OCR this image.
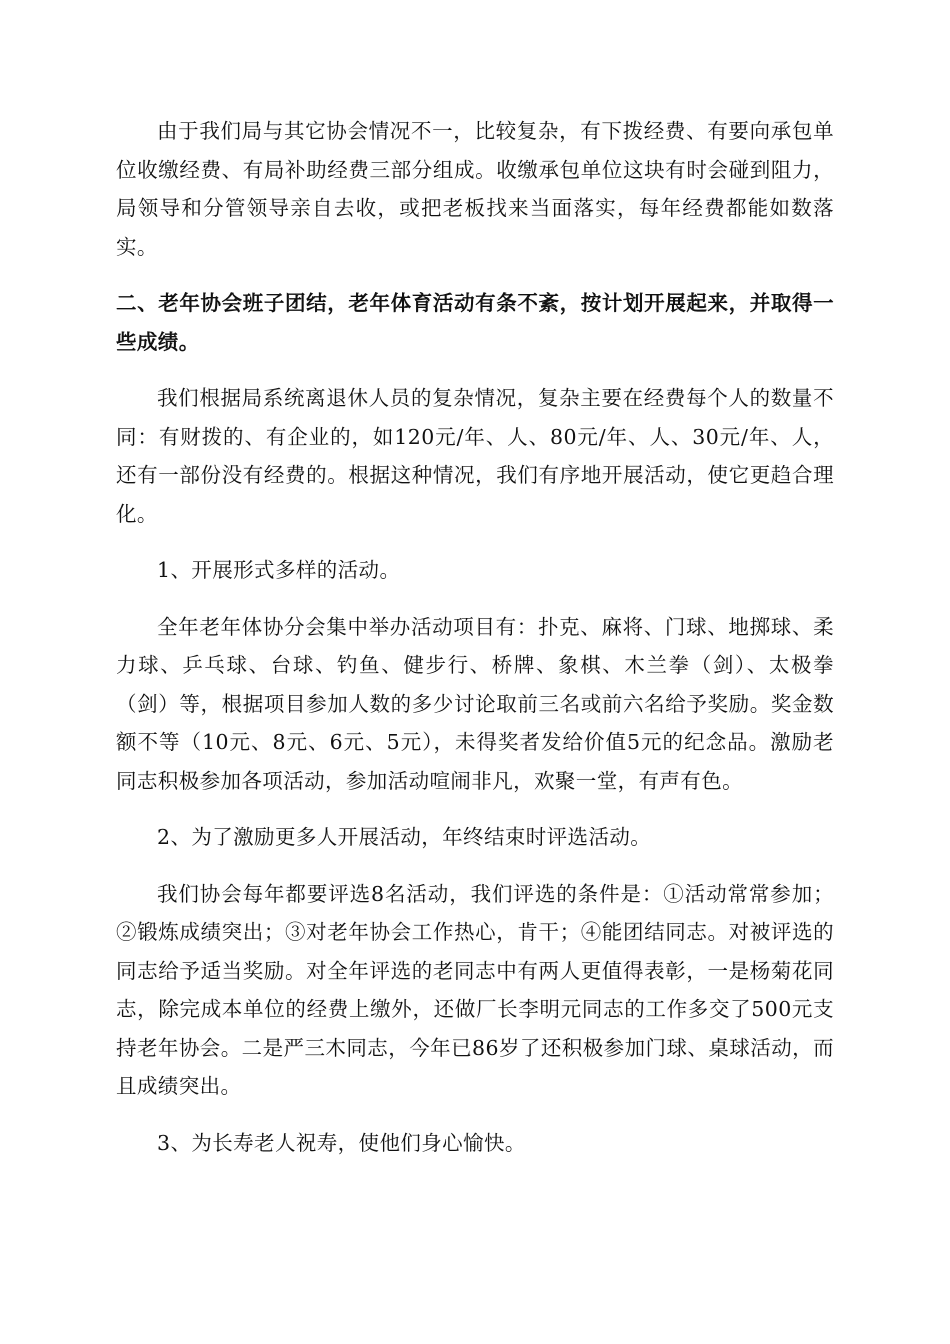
由于我们局与其它协会情况不一，比较复杂，有下拨经费、有要向承包单位收缴经费、有局补助经费三部分组成。收缴承包单位这块有时会碰到阻力，局领导和分管领导亲自去收，或把老板找来当面落实，每年经费都能如数落实。

二、老年协会班子团结，老年体育活动有条不紊，按计划开展起来，并取得一些成绩。

我们根据局系统离退休人员的复杂情况，复杂主要在经费每个人的数量不同：有财拨的、有企业的，如120元/年、人、80元/年、人、30元/年、人，还有一部份没有经费的。根据这种情况，我们有序地开展活动，使它更趋合理化。

1、开展形式多样的活动。

全年老年体协分会集中举办活动项目有：扑克、麻将、门球、地掷球、柔力球、乒乓球、台球、钓鱼、健步行、桥牌、象棋、木兰拳（剑）、太极拳（剑）等，根据项目参加人数的多少讨论取前三名或前六名给予奖励。奖金数额不等（10元、8元、6元、5元），未得奖者发给价值5元的纪念品。激励老同志积极参加各项活动，参加活动喧闹非凡，欢聚一堂，有声有色。

2、为了激励更多人开展活动，年终结束时评选活动。

我们协会每年都要评选8名活动，我们评选的条件是：①活动常常参加；②锻炼成绩突出；③对老年协会工作热心，肯干；④能团结同志。对被评选的同志给予适当奖励。对全年评选的老同志中有两人更值得表彰，一是杨菊花同志，除完成本单位的经费上缴外，还做厂长李明元同志的工作多交了500元支持老年协会。二是严三木同志，今年已86岁了还积极参加门球、桌球活动，而且成绩突出。

3、为长寿老人祝寿，使他们身心愉快。
